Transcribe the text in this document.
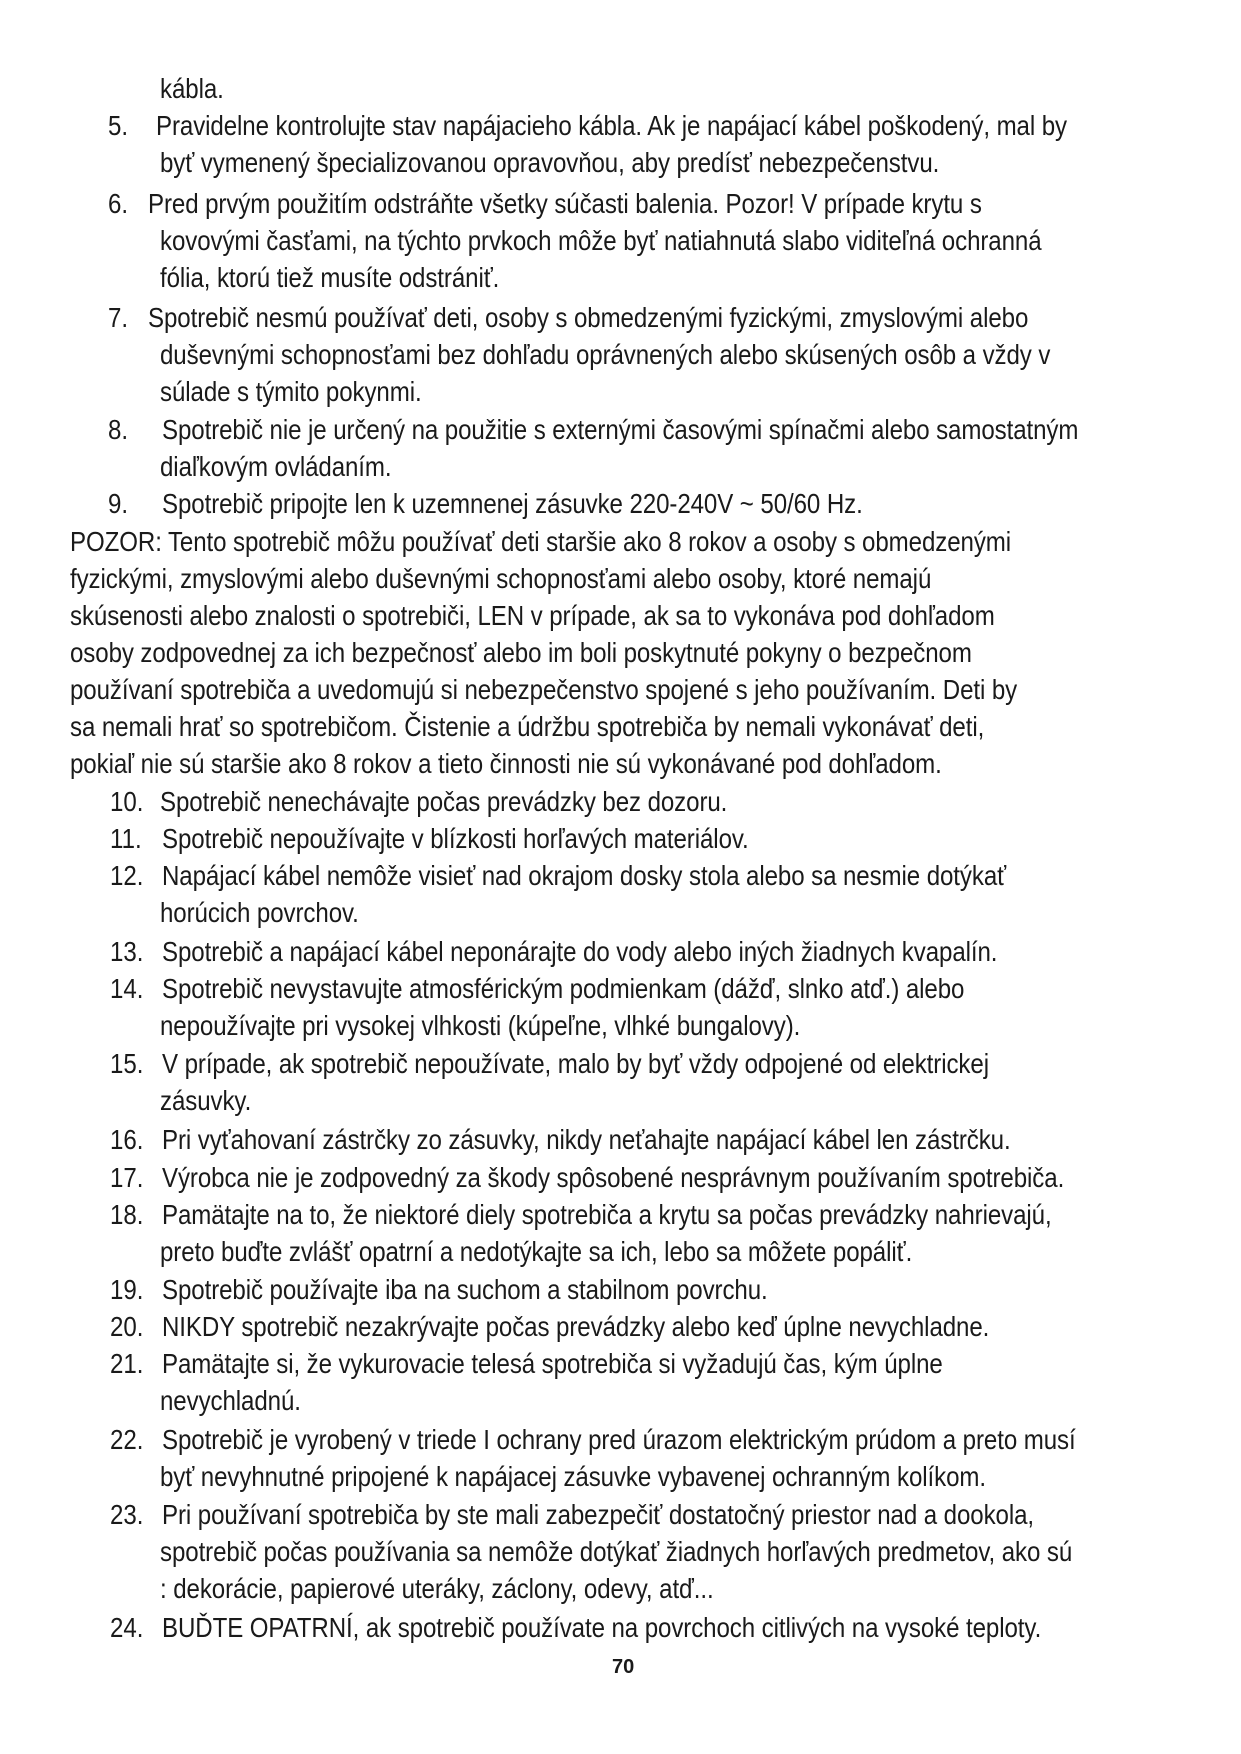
kábla.
5. Pravidelne kontrolujte stav napájacieho kábla. Ak je napájací kábel poškodený, mal by
byť vymenený špecializovanou opravovňou, aby predísť nebezpečenstvu.
6. Pred prvým použitím odstráňte všetky súčasti balenia. Pozor! V prípade krytu s
kovovými časťami, na týchto prvkoch môže byť natiahnutá slabo viditeľná ochranná
fólia, ktorú tiež musíte odstrániť.
7. Spotrebič nesmú používať deti, osoby s obmedzenými fyzickými, zmyslovými alebo
duševnými schopnosťami bez dohľadu oprávnených alebo skúsených osôb a vždy v
súlade s týmito pokynmi.
8. Spotrebič nie je určený na použitie s externými časovými spínačmi alebo samostatným
diaľkovým ovládaním.
9. Spotrebič pripojte len k uzemnenej zásuvke 220-240V ~ 50/60 Hz.
POZOR: Tento spotrebič môžu používať deti staršie ako 8 rokov a osoby s obmedzenými
fyzickými, zmyslovými alebo duševnými schopnosťami alebo osoby, ktoré nemajú
skúsenosti alebo znalosti o spotrebiči, LEN v prípade, ak sa to vykonáva pod dohľadom
osoby zodpovednej za ich bezpečnosť alebo im boli poskytnuté pokyny o bezpečnom
používaní spotrebiča a uvedomujú si nebezpečenstvo spojené s jeho používaním. Deti by
sa nemali hrať so spotrebičom. Čistenie a údržbu spotrebiča by nemali vykonávať deti,
pokiaľ nie sú staršie ako 8 rokov a tieto činnosti nie sú vykonávané pod dohľadom.
10. Spotrebič nenechávajte počas prevádzky bez dozoru.
11. Spotrebič nepoužívajte v blízkosti horľavých materiálov.
12. Napájací kábel nemôže visieť nad okrajom dosky stola alebo sa nesmie dotýkať
horúcich povrchov.
13. Spotrebič a napájací kábel neponárajte do vody alebo iných žiadnych kvapalín.
14. Spotrebič nevystavujte atmosférickým podmienkam (dážď, slnko atď.) alebo
nepoužívajte pri vysokej vlhkosti (kúpeľne, vlhké bungalovy).
15. V prípade, ak spotrebič nepoužívate, malo by byť vždy odpojené od elektrickej
zásuvky.
16. Pri vyťahovaní zástrčky zo zásuvky, nikdy neťahajte napájací kábel len zástrčku.
17. Výrobca nie je zodpovedný za škody spôsobené nesprávnym používaním spotrebiča.
18. Pamätajte na to, že niektoré diely spotrebiča a krytu sa počas prevádzky nahrievajú,
preto buďte zvlášť opatrní a nedotýkajte sa ich, lebo sa môžete popáliť.
19. Spotrebič používajte iba na suchom a stabilnom povrchu.
20. NIKDY spotrebič nezakrývajte počas prevádzky alebo keď úplne nevychladne.
21. Pamätajte si, že vykurovacie telesá spotrebiča si vyžadujú čas, kým úplne
nevychladnú.
22. Spotrebič je vyrobený v triede I ochrany pred úrazom elektrickým prúdom a preto musí
byť nevyhnutné pripojené k napájacej zásuvke vybavenej ochranným kolíkom.
23. Pri používaní spotrebiča by ste mali zabezpečiť dostatočný priestor nad a dookola,
spotrebič počas používania sa nemôže dotýkať žiadnych horľavých predmetov, ako sú
: dekorácie, papierové uteráky, záclony, odevy, atď...
24. BUĎTE OPATRNÍ, ak spotrebič používate na povrchoch citlivých na vysoké teploty.
70
